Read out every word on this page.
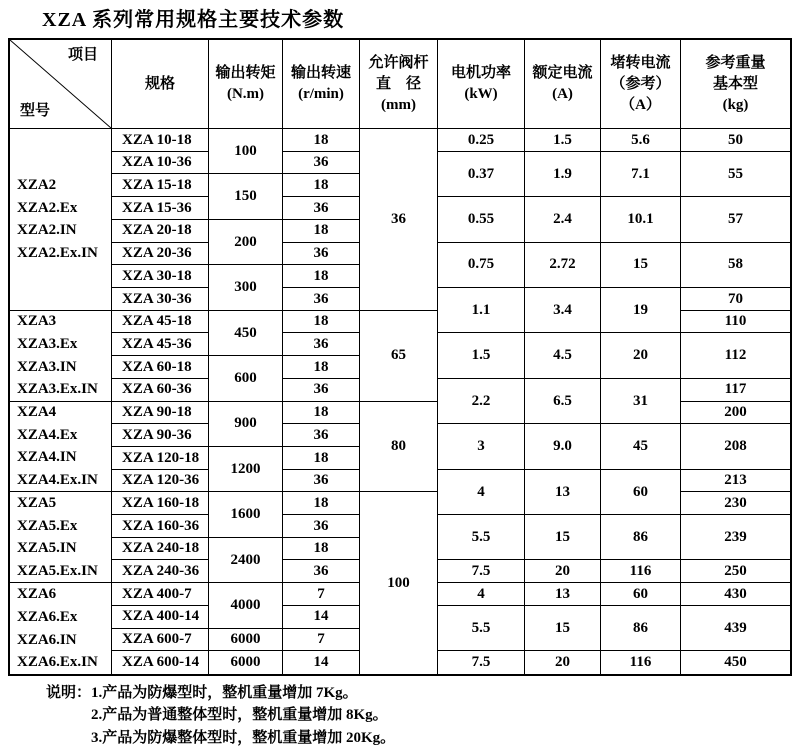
XZA 系列常用规格主要技术参数
项目
型号
规格
输出转矩
(N.m)
输出转速
(r/min)
允许阀杆
直　径
(mm)
电机功率
(kW)
额定电流
(A)
堵转电流
（参考）
（A）
参考重量
基本型
(kg)
XZA2
XZA2.Ex
XZA2.IN
XZA2.Ex.IN
XZA3
XZA3.Ex
XZA3.IN
XZA3.Ex.IN
XZA4
XZA4.Ex
XZA4.IN
XZA4.Ex.IN
XZA5
XZA5.Ex
XZA5.IN
XZA5.Ex.IN
XZA6
XZA6.Ex
XZA6.IN
XZA6.Ex.IN
XZA 10-18
XZA 10-36
XZA 15-18
XZA 15-36
XZA 20-18
XZA 20-36
XZA 30-18
XZA 30-36
XZA 45-18
XZA 45-36
XZA 60-18
XZA 60-36
XZA 90-18
XZA 90-36
XZA 120-18
XZA 120-36
XZA 160-18
XZA 160-36
XZA 240-18
XZA 240-36
XZA 400-7
XZA 400-14
XZA 600-7
XZA 600-14
100
150
200
300
450
600
900
1200
1600
2400
4000
6000
6000
18
36
18
36
18
36
18
36
18
36
18
36
18
36
18
36
18
36
18
36
7
14
7
14
36
65
80
100
0.25
0.37
0.55
0.75
1.1
1.5
2.2
3
4
5.5
7.5
4
5.5
7.5
1.5
1.9
2.4
2.72
3.4
4.5
6.5
9.0
13
15
20
13
15
20
5.6
7.1
10.1
15
19
20
31
45
60
86
116
60
86
116
50
55
57
58
70
110
112
117
200
208
213
230
239
250
430
439
450
说明： 1.产品为防爆型时，整机重量增加 7Kg。
2.产品为普通整体型时，整机重量增加 8Kg。
3.产品为防爆整体型时，整机重量增加 20Kg。
